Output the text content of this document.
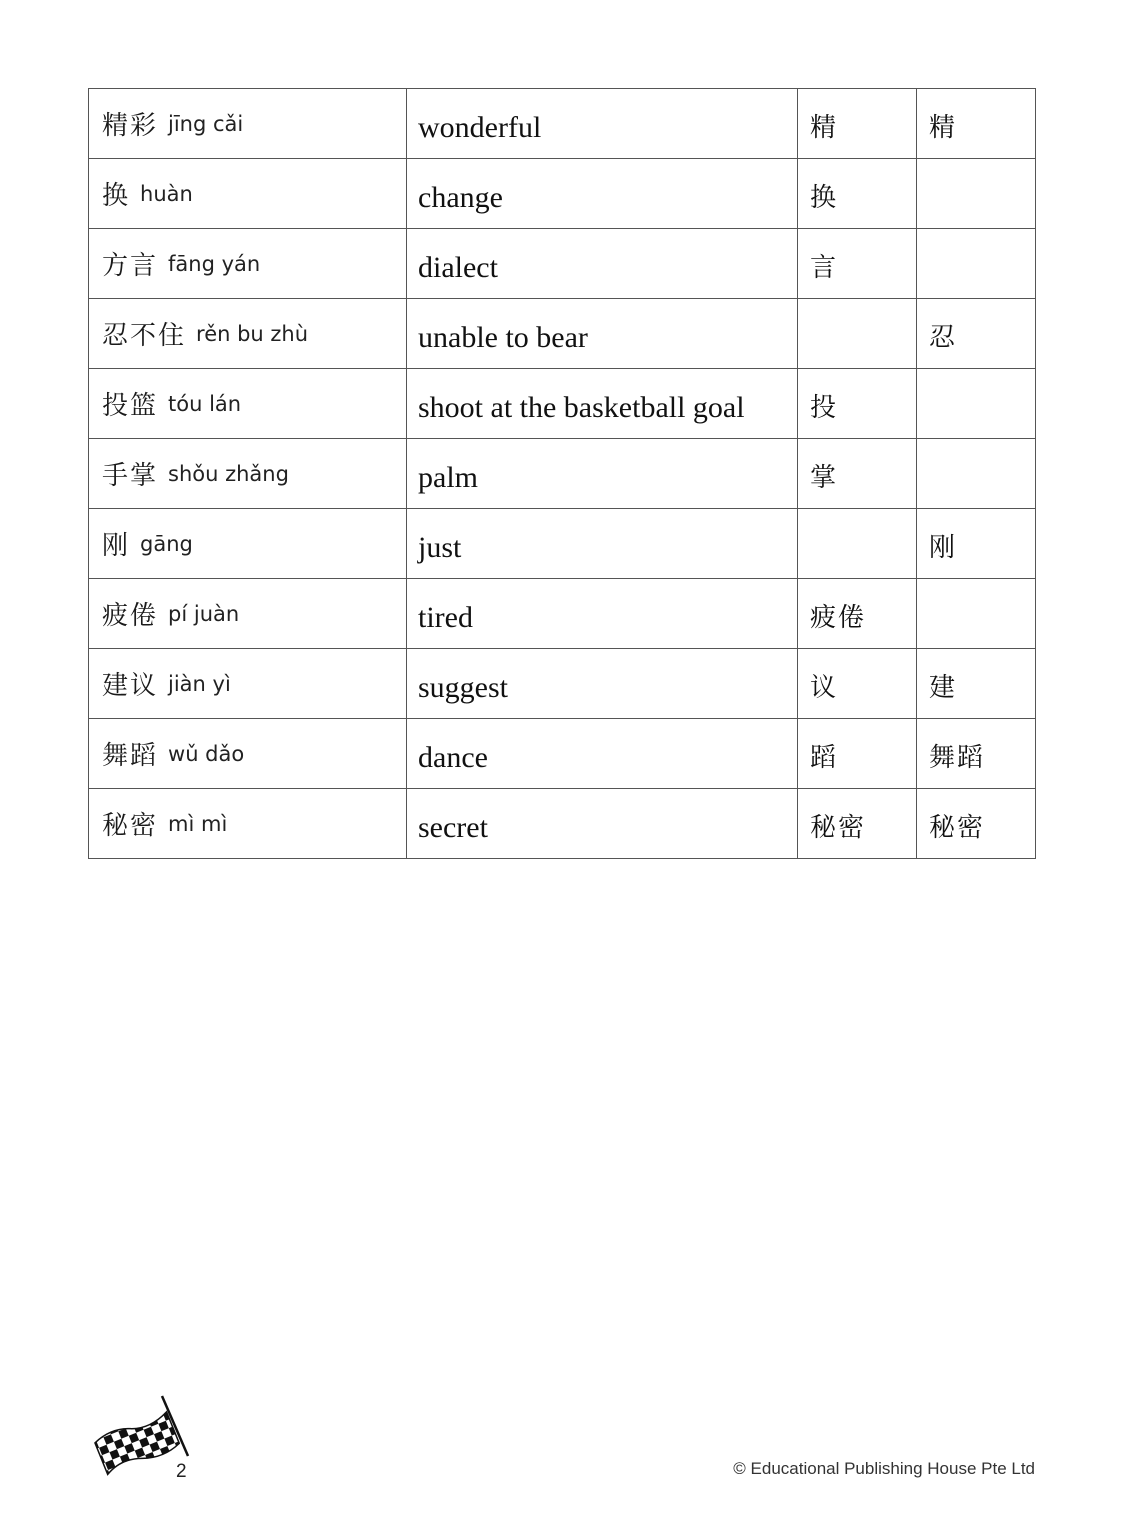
精彩 jīng cǎi	wonderful	精	精
换 huàn	change	换	
方言 fāng yán	dialect	言	
忍不住 rěn bu zhù	unable to bear		忍
投篮 tóu lán	shoot at the basketball goal	投	
手掌 shǒu zhǎng	palm	掌	
刚 gāng	just		刚
疲倦 pí juàn	tired	疲倦	
建议 jiàn yì	suggest	议	建
舞蹈 wǔ dǎo	dance	蹈	舞蹈
秘密 mì mì	secret	秘密	秘密
2	© Educational Publishing House Pte Ltd
